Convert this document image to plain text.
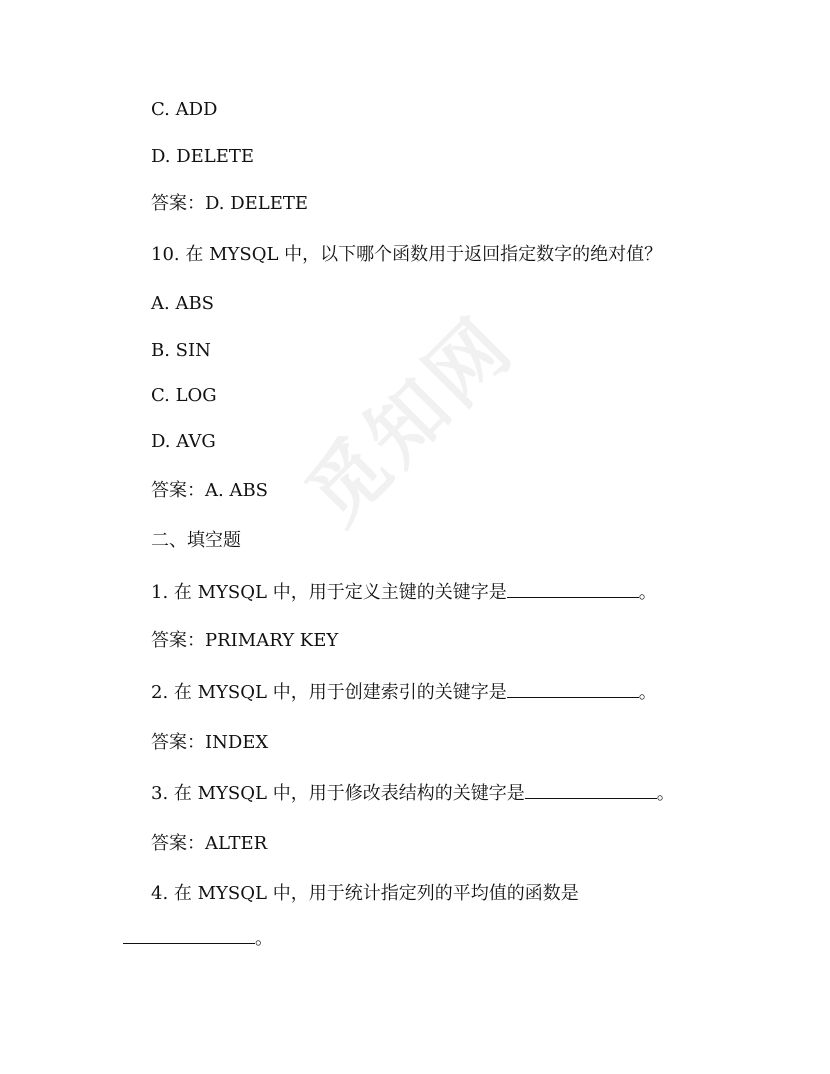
觅知网
C. ADD
D. DELETE
答案：D. DELETE
10. 在 MYSQL 中，以下哪个函数用于返回指定数字的绝对值？
A. ABS
B. SIN
C. LOG
D. AVG
答案：A. ABS
二、填空题
1. 在 MYSQL 中，用于定义主键的关键字是	。
答案：PRIMARY KEY
2. 在 MYSQL 中，用于创建索引的关键字是	。
答案：INDEX
3. 在 MYSQL 中，用于修改表结构的关键字是	。
答案：ALTER
4. 在 MYSQL 中，用于统计指定列的平均值的函数是
。
